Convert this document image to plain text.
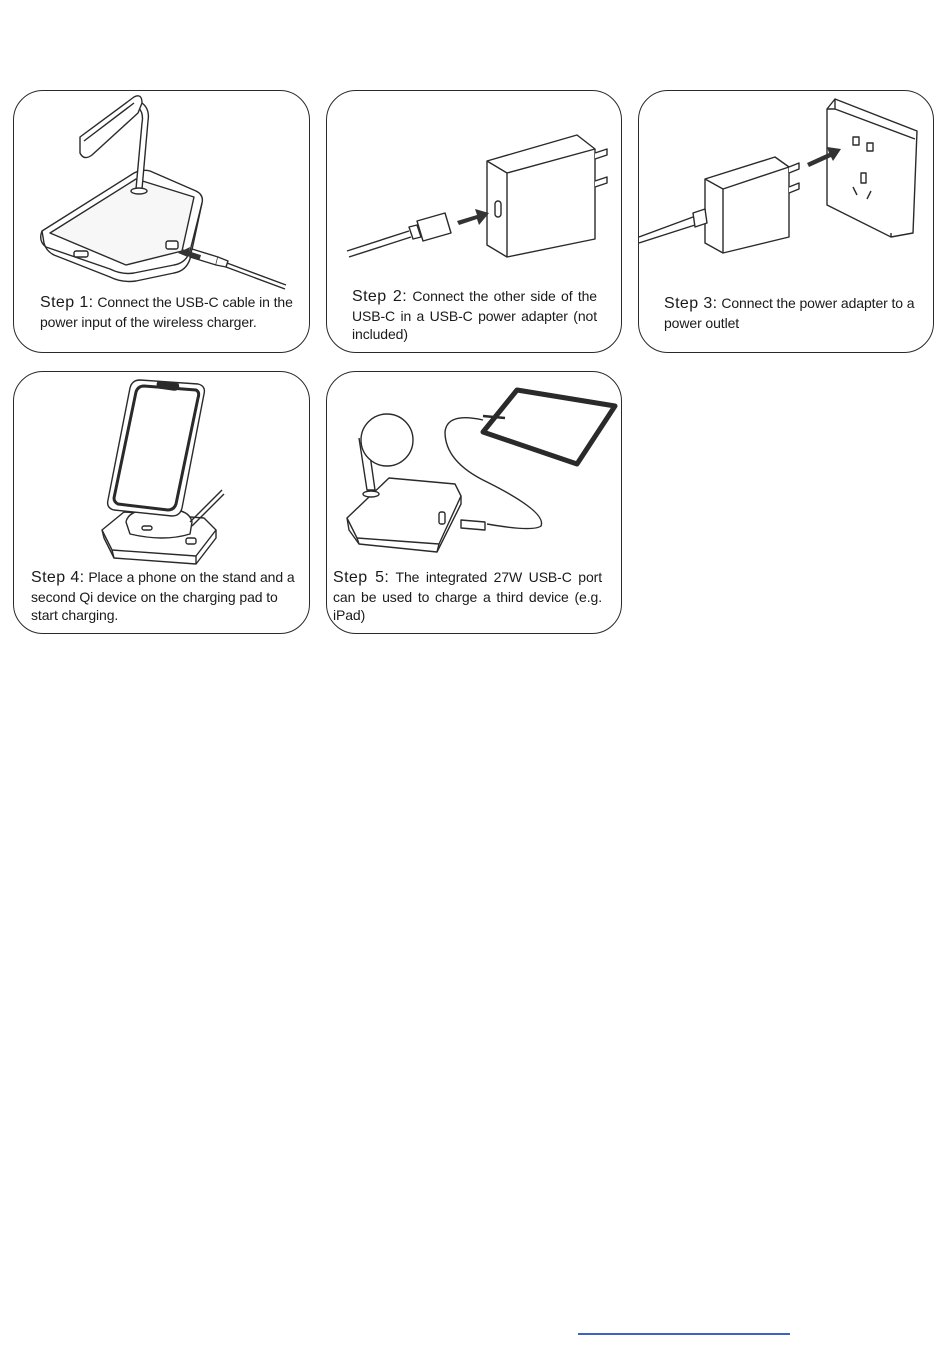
Step 1: Connect the USB-C cable in the power input of the wireless charger.
Step 2: Connect the other side of the USB-C in a USB-C power adapter (not included)
Step 3: Connect the power adapter to a power outlet
Step 4: Place a phone on the stand and a second Qi device on the charging pad to start charging.
Step 5: The integrated 27W USB-C port can be used to charge a third device (e.g. iPad)
